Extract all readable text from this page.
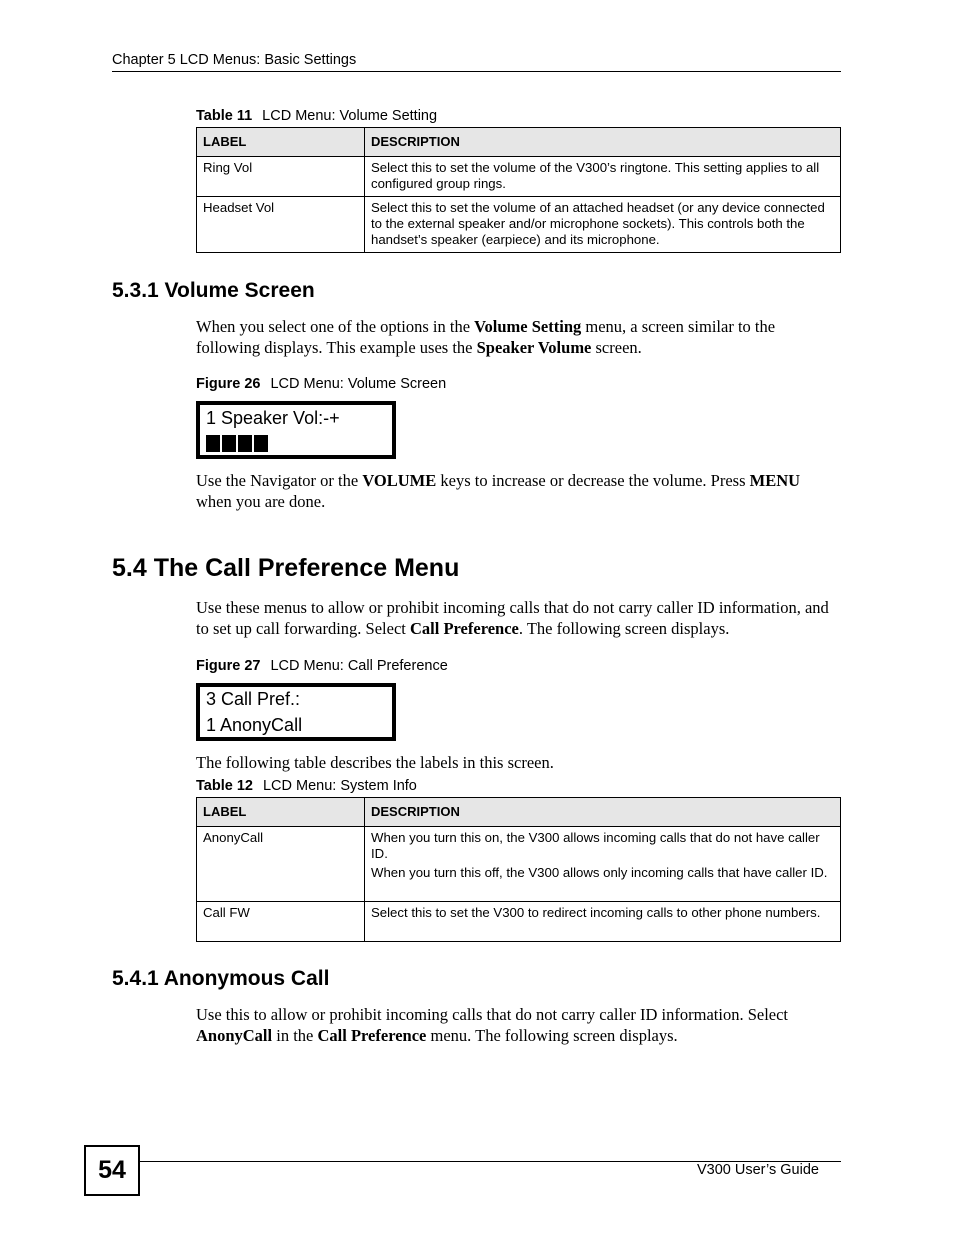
Chapter 5 LCD Menus: Basic Settings
Table 11 LCD Menu: Volume Setting
LABEL	DESCRIPTION
Ring Vol	Select this to set the volume of the V300’s ringtone. This setting applies to all configured group rings.

Headset Vol	Select this to set the volume of an attached headset (or any device connected to the external speaker and/or microphone sockets). This controls both the handset’s speaker (earpiece) and its microphone.

5.3.1 Volume Screen
When you select one of the options in the Volume Setting menu, a screen similar to the following displays. This example uses the Speaker Volume screen.
Figure 26 LCD Menu: Volume Screen
1 Speaker Vol:-+
Use the Navigator or the VOLUME keys to increase or decrease the volume. Press MENU when you are done.
5.4 The Call Preference Menu
Use these menus to allow or prohibit incoming calls that do not carry caller ID information, and to set up call forwarding. Select Call Preference. The following screen displays.
Figure 27 LCD Menu: Call Preference
3 Call Pref.:
1 AnonyCall
The following table describes the labels in this screen.
Table 12 LCD Menu: System Info
LABEL	DESCRIPTION
AnonyCall	When you turn this on, the V300 allows incoming calls that do not have caller ID.

When you turn this off, the V300 allows only incoming calls that have caller ID.

Call FW	Select this to set the V300 to redirect incoming calls to other phone numbers.

5.4.1 Anonymous Call
Use this to allow or prohibit incoming calls that do not carry caller ID information. Select AnonyCall in the Call Preference menu. The following screen displays.
54	V300 User’s Guide
